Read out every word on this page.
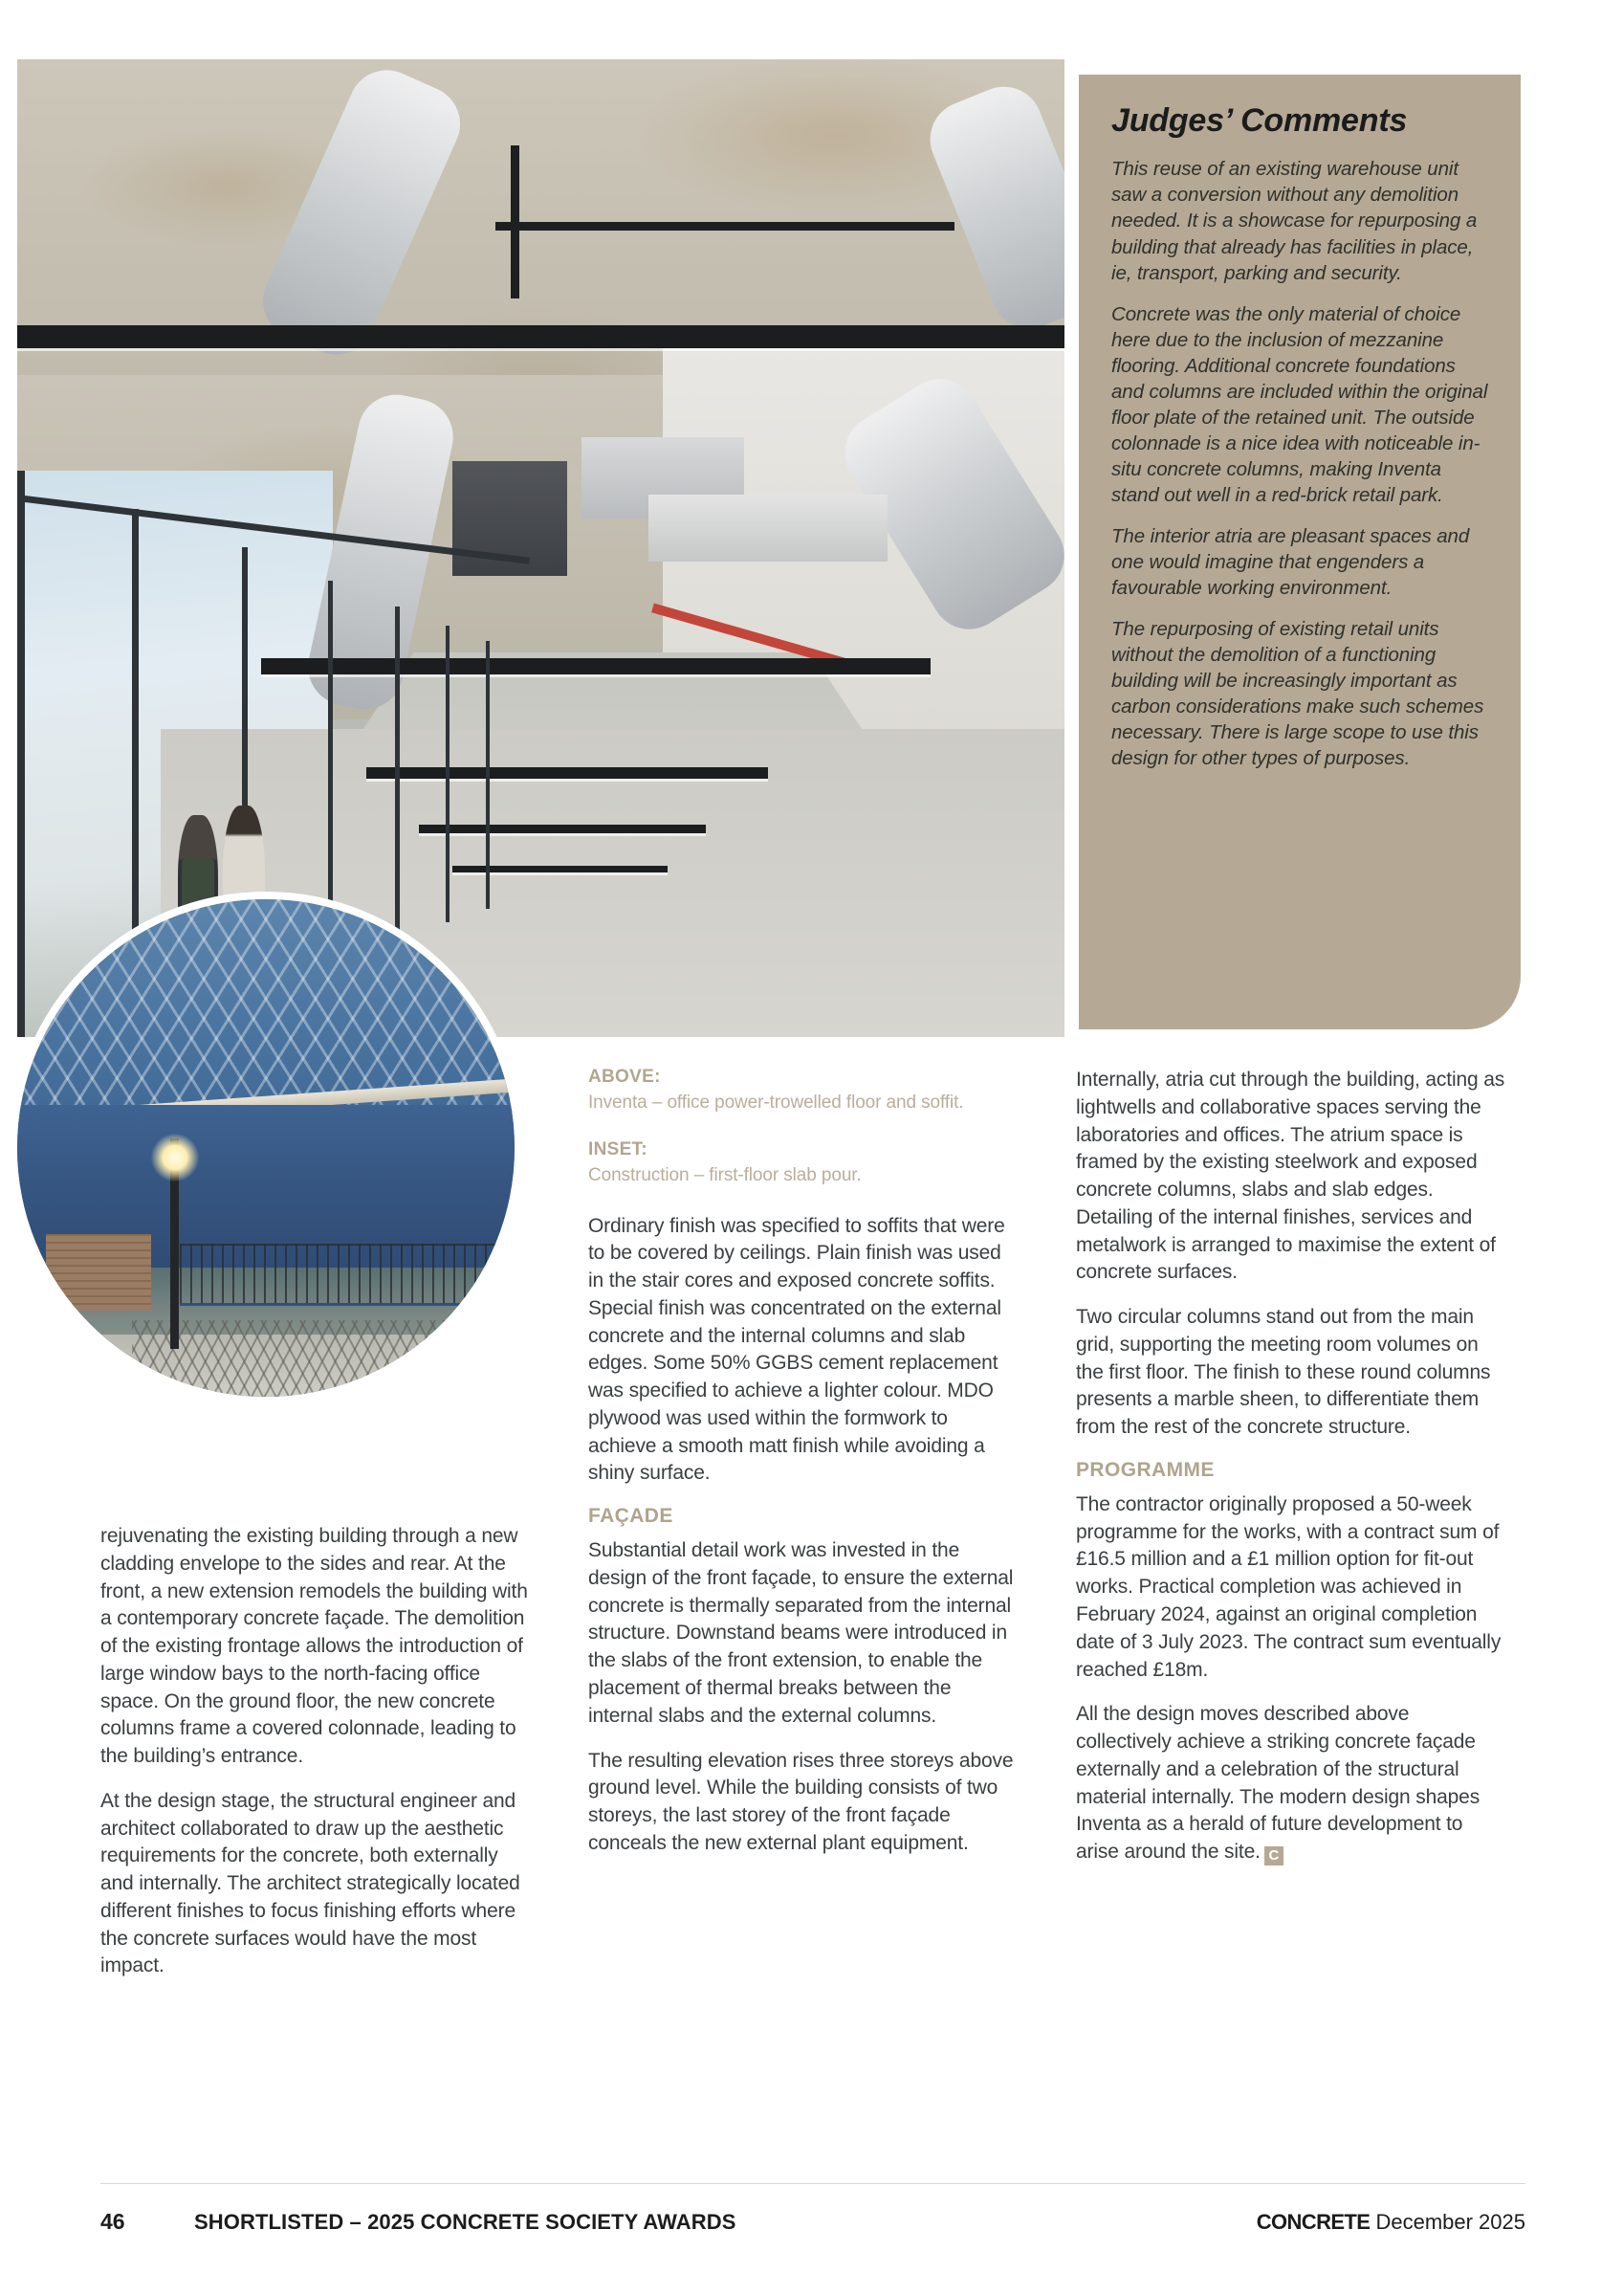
Judges’ Comments

This reuse of an existing warehouse unit saw a conversion without any demolition needed. It is a showcase for repurposing a building that already has facilities in place, ie, transport, parking and security.

Concrete was the only material of choice here due to the inclusion of mezzanine flooring. Additional concrete foundations and columns are included within the original floor plate of the retained unit. The outside colonnade is a nice idea with noticeable in-situ concrete columns, making Inventa stand out well in a red-brick retail park.

The interior atria are pleasant spaces and one would imagine that engenders a favourable working environment.

The repurposing of existing retail units without the demolition of a functioning building will be increasingly important as carbon considerations make such schemes necessary. There is large scope to use this design for other types of purposes.

rejuvenating the existing building through a new cladding envelope to the sides and rear. At the front, a new extension remodels the building with a contemporary concrete façade. The demolition of the existing frontage allows the introduction of large window bays to the north-facing office space. On the ground floor, the new concrete columns frame a covered colonnade, leading to the building’s entrance.

At the design stage, the structural engineer and architect collaborated to draw up the aesthetic requirements for the concrete, both externally and internally. The architect strategically located different finishes to focus finishing efforts where the concrete surfaces would have the most impact.

ABOVE:

Inventa – office power-trowelled floor and soffit.

INSET:

Construction – first-floor slab pour.

Ordinary finish was specified to soffits that were to be covered by ceilings. Plain finish was used in the stair cores and exposed concrete soffits. Special finish was concentrated on the external concrete and the internal columns and slab edges. Some 50% GGBS cement replacement was specified to achieve a lighter colour. MDO plywood was used within the formwork to achieve a smooth matt finish while avoiding a shiny surface.

FAÇADE

Substantial detail work was invested in the design of the front façade, to ensure the external concrete is thermally separated from the internal structure. Downstand beams were introduced in the slabs of the front extension, to enable the placement of thermal breaks between the internal slabs and the external columns.

The resulting elevation rises three storeys above ground level. While the building consists of two storeys, the last storey of the front façade conceals the new external plant equipment.

Internally, atria cut through the building, acting as lightwells and collaborative spaces serving the laboratories and offices. The atrium space is framed by the existing steelwork and exposed concrete columns, slabs and slab edges. Detailing of the internal finishes, services and metalwork is arranged to maximise the extent of concrete surfaces.

Two circular columns stand out from the main grid, supporting the meeting room volumes on the first floor. The finish to these round columns presents a marble sheen, to differentiate them from the rest of the concrete structure.

PROGRAMME

The contractor originally proposed a 50-week programme for the works, with a contract sum of £16.5 million and a £1 million option for fit-out works. Practical completion was achieved in February 2024, against an original completion date of 3 July 2023. The contract sum eventually reached £18m.

All the design moves described above collectively achieve a striking concrete façade externally and a celebration of the structural material internally. The modern design shapes Inventa as a herald of future development to arise around the site. C

46	SHORTLISTED – 2025 CONCRETE SOCIETY AWARDS	CONCRETE December 2025
